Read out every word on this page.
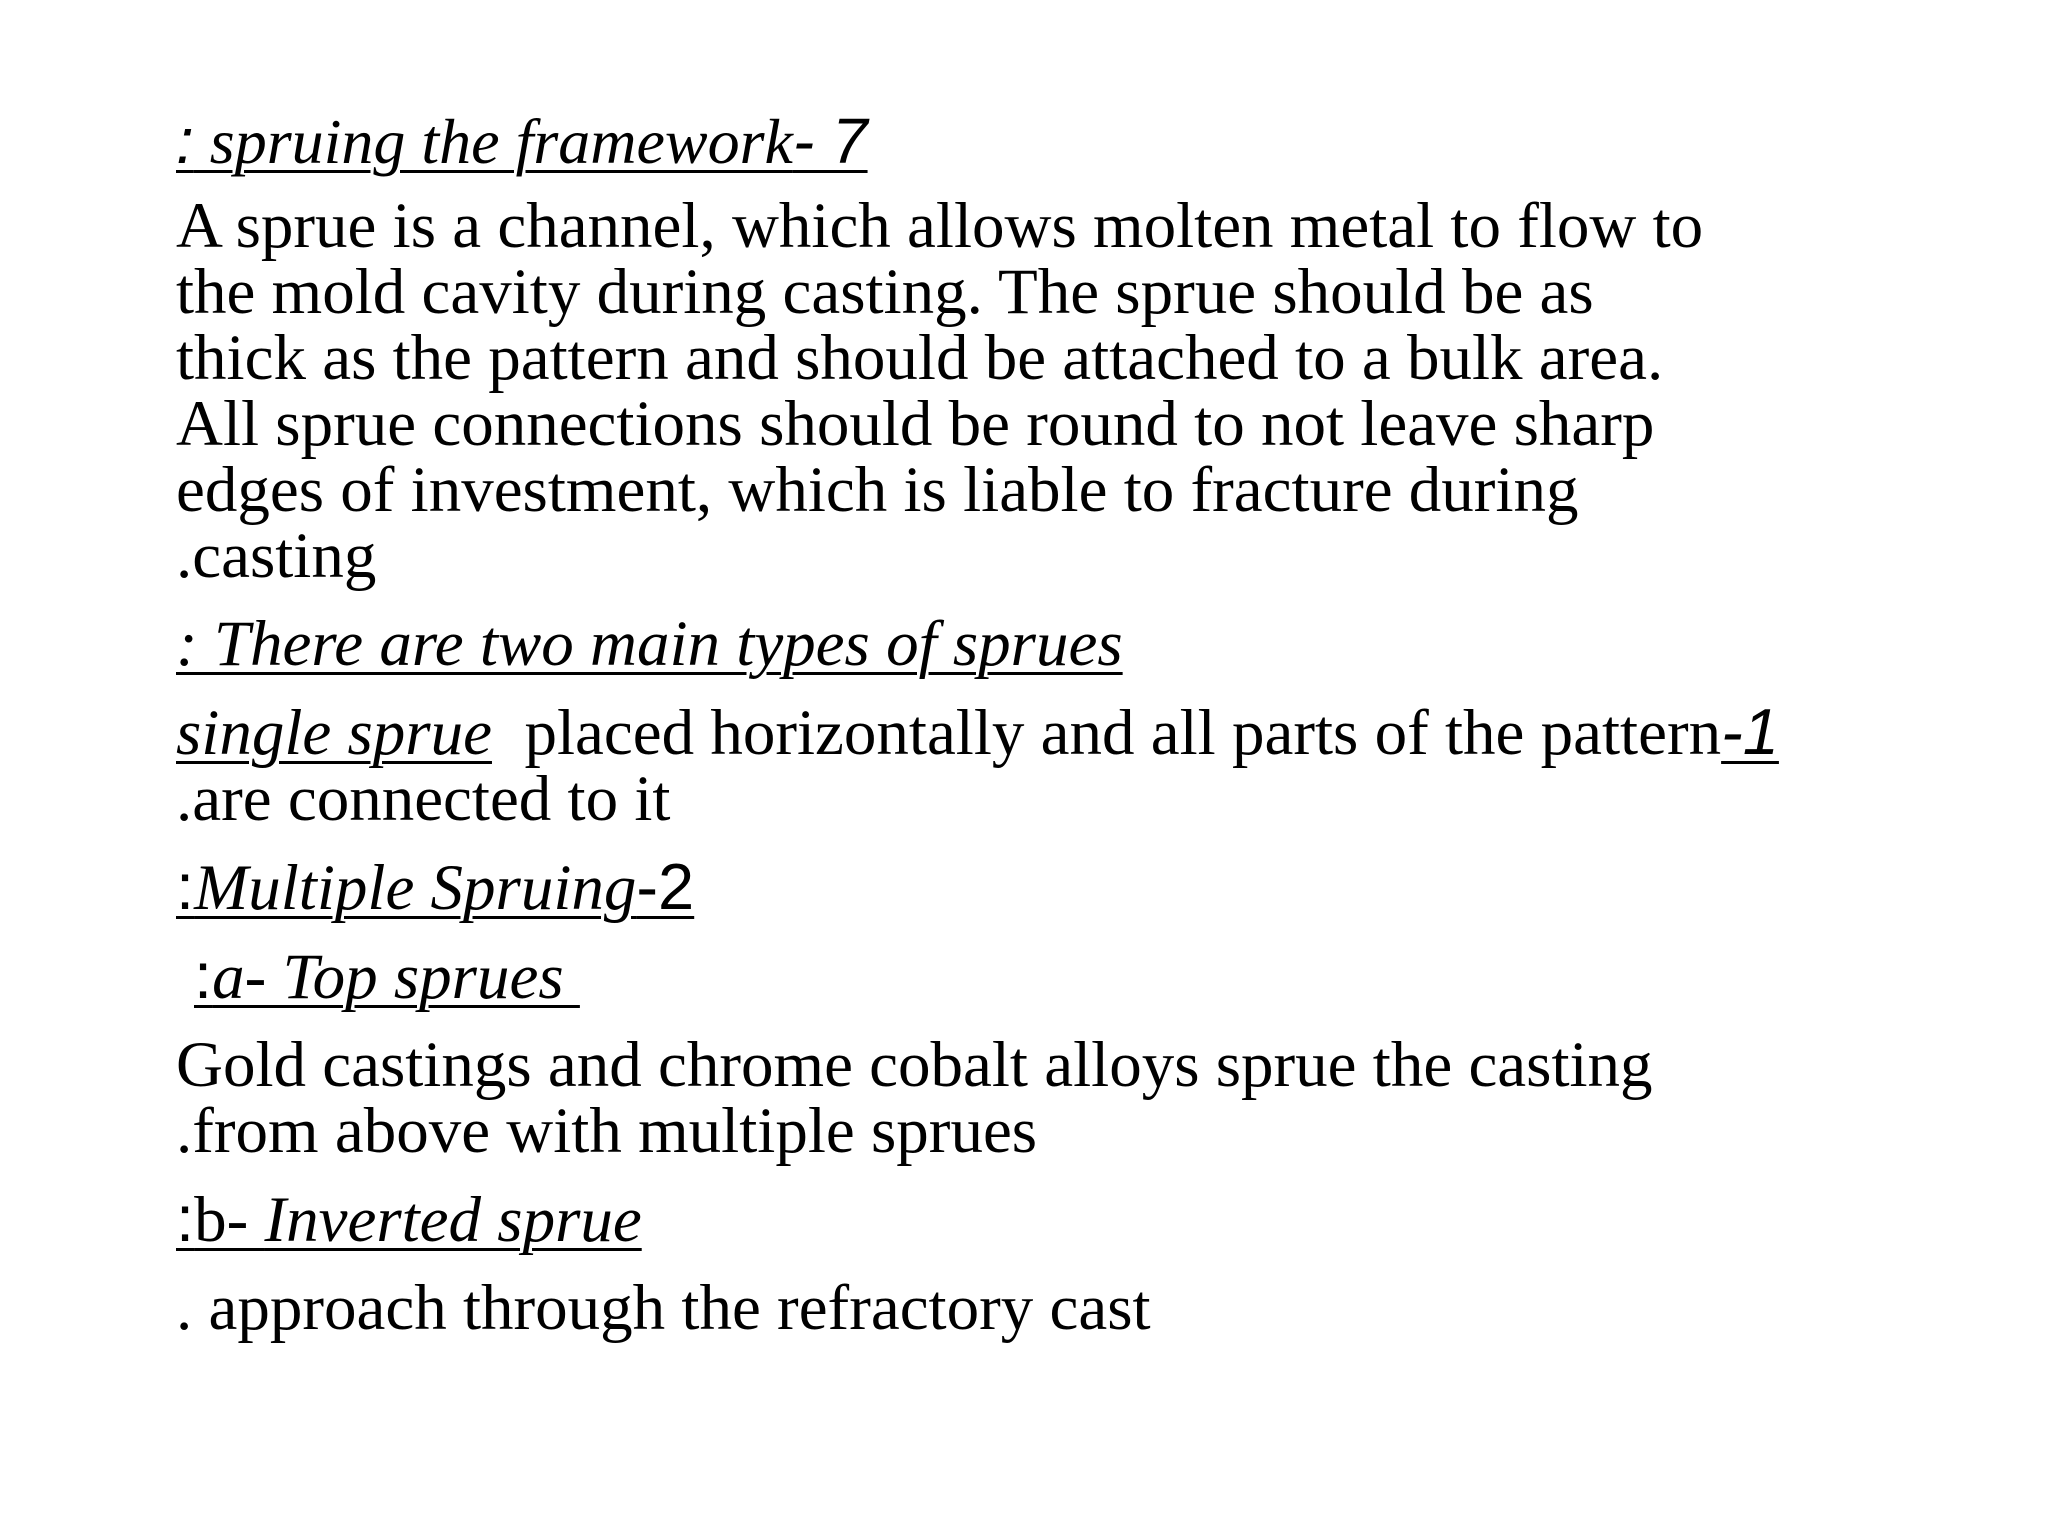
: spruing the framework- 7
A sprue is a channel, which allows molten metal to flow to
the mold cavity during casting. The sprue should be as
thick as the pattern and should be attached to a bulk area.
All sprue connections should be round to not leave sharp
edges of investment, which is liable to fracture during
.casting
: There are two main types of sprues
single sprue  placed horizontally and all parts of the pattern-1
.are connected to it
:Multiple Spruing-2
:a- Top sprues
Gold castings and chrome cobalt alloys sprue the casting
.from above with multiple sprues
:b- Inverted sprue
. approach through the refractory cast
